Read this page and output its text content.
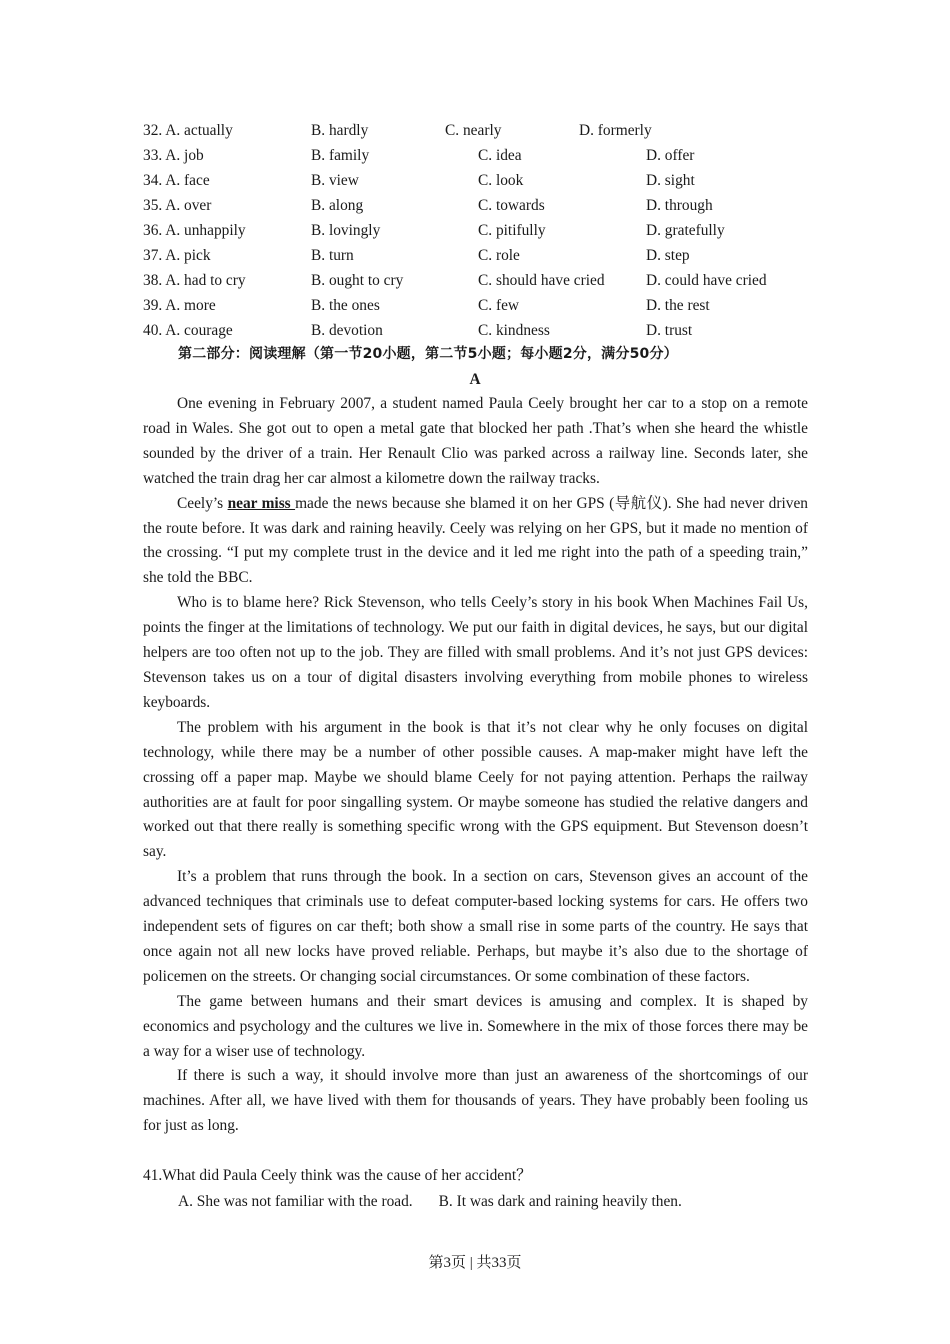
32. A. actually	B. hardly	C. nearly	D. formerly
33. A. job	B. family	C. idea	D. offer
34. A. face	B. view	C. look	D. sight
35. A. over	B. along	C. towards	D. through
36. A. unhappily	B. lovingly	C. pitifully	D. gratefully
37. A. pick	B. turn	C. role	D. step
38. A. had to cry	B. ought to cry	C. should have cried	D. could have cried
39. A. more	B. the ones	C. few	D. the rest
40. A. courage	B. devotion	C. kindness	D. trust
第二部分：阅读理解（第一节20小题，第二节5小题；每小题2分，满分50分）
A

One evening in February 2007, a student named Paula Ceely brought her car to a stop on a remote road in Wales. She got out to open a metal gate that blocked her path .That’s when she heard the whistle sounded by the driver of a train. Her Renault Clio was parked across a railway line. Seconds later, she watched the train drag her car almost a kilometre down the railway tracks.

Ceely’s near miss made the news because she blamed it on her GPS (导航仪). She had never driven the route before. It was dark and raining heavily. Ceely was relying on her GPS, but it made no mention of the crossing. “I put my complete trust in the device and it led me right into the path of a speeding train,” she told the BBC.

Who is to blame here? Rick Stevenson, who tells Ceely’s story in his book When Machines Fail Us, points the finger at the limitations of technology. We put our faith in digital devices, he says, but our digital helpers are too often not up to the job. They are filled with small problems. And it’s not just GPS devices: Stevenson takes us on a tour of digital disasters involving everything from mobile phones to wireless keyboards.

The problem with his argument in the book is that it’s not clear why he only focuses on digital technology, while there may be a number of other possible causes. A map-maker might have left the crossing off a paper map. Maybe we should blame Ceely for not paying attention. Perhaps the railway authorities are at fault for poor singalling system. Or maybe someone has studied the relative dangers and worked out that there really is something specific wrong with the GPS equipment. But Stevenson doesn’t say.

It’s a problem that runs through the book. In a section on cars, Stevenson gives an account of the advanced techniques that criminals use to defeat computer-based locking systems for cars. He offers two independent sets of figures on car theft; both show a small rise in some parts of the country. He says that once again not all new locks have proved reliable. Perhaps, but maybe it’s also due to the shortage of policemen on the streets. Or changing social circumstances. Or some combination of these factors.

The game between humans and their smart devices is amusing and complex. It is shaped by economics and psychology and the cultures we live in. Somewhere in the mix of those forces there may be a way for a wiser use of technology.

If there is such a way, it should involve more than just an awareness of the shortcomings of our machines. After all, we have lived with them for thousands of years. They have probably been fooling us for just as long.

41.What did Paula Ceely think was the cause of her accident？
A. She was not familiar with the road. B. It was dark and raining heavily then.
第3页 | 共33页
